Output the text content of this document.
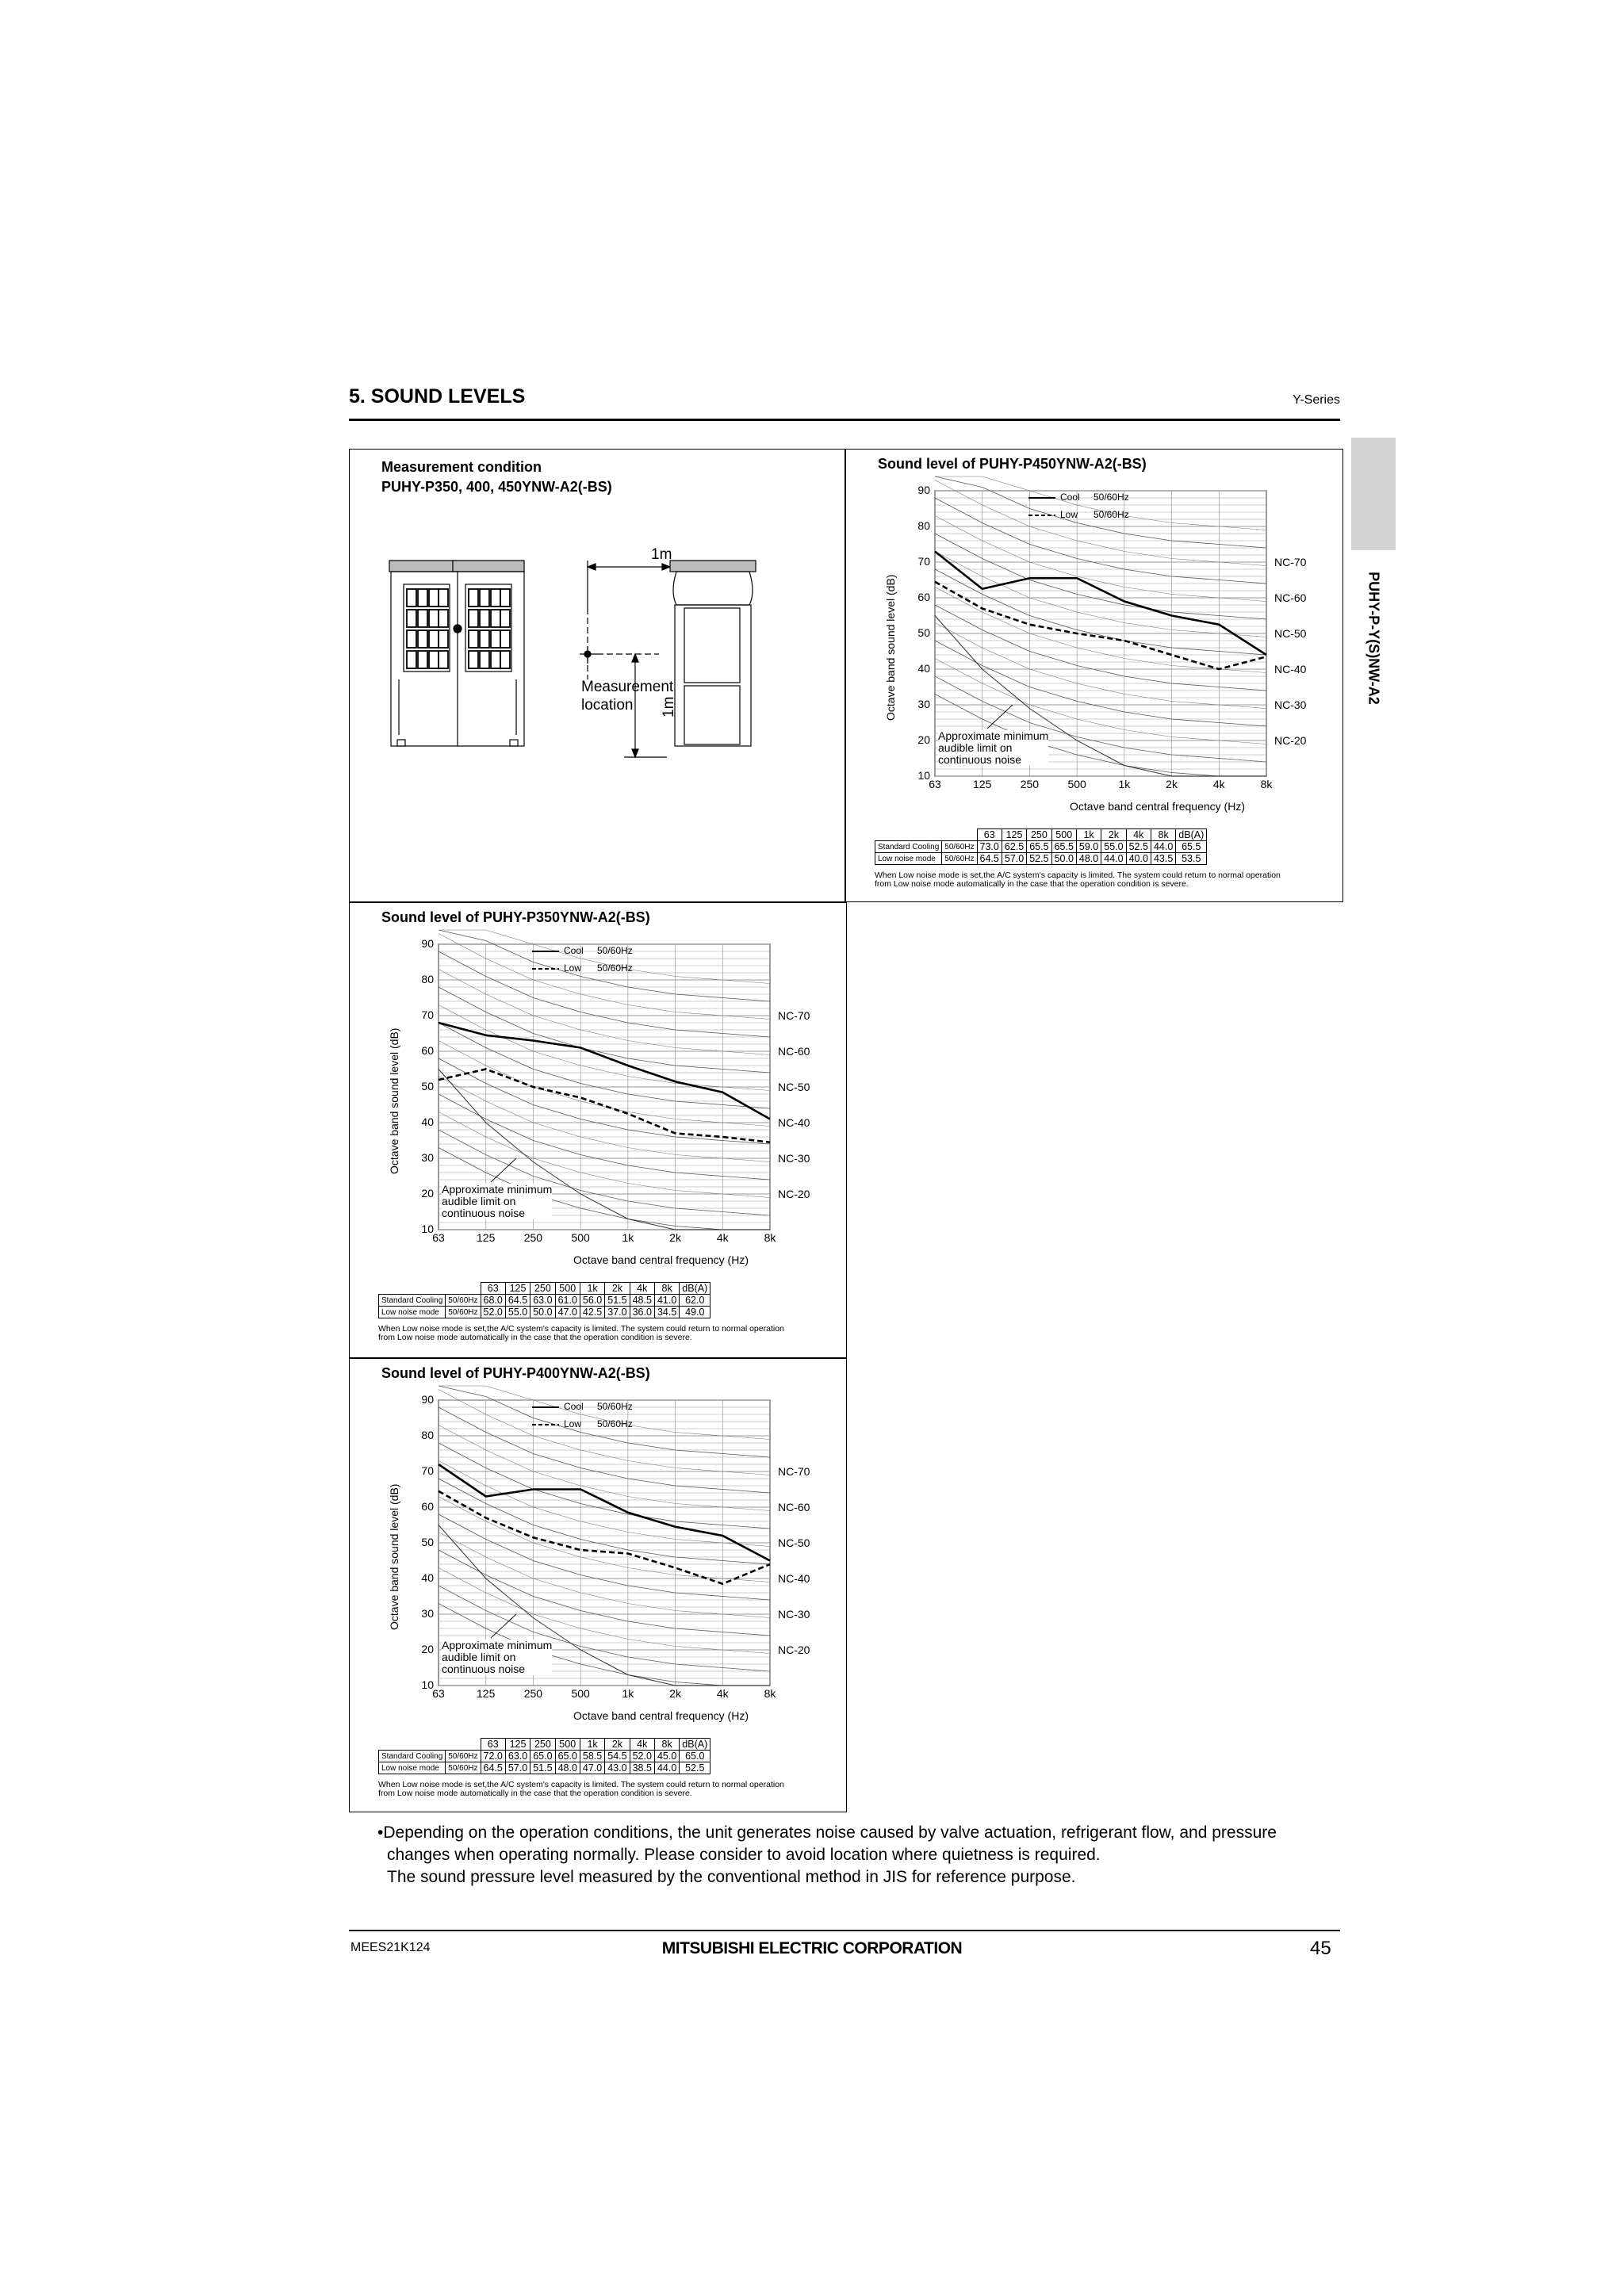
5. SOUND LEVELS	Y-Series
PUHY-P-Y(S)NW-A2
Measurement condition
PUHY-P350, 400, 450YNW-A2(-BS)
1m
1m
Measurement
location
Sound level of PUHY-P450YNW-A2(-BS)
90
80
70
60
50
40
30
20
10
63	125	250	500	1k	2k	4k	8k
Octave band sound level (dB)
Octave band central frequency (Hz)
NC-70
NC-60
NC-50
NC-40
NC-30
NC-20
Cool 50/60Hz
Low 50/60Hz
Approximate minimum
audible limit on
continuous noise
		63	125	250	500	1k	2k	4k	8k	dB(A)
Standard Cooling	50/60Hz	73.0	62.5	65.5	65.5	59.0	55.0	52.5	44.0	65.5
Low noise mode	50/60Hz	64.5	57.0	52.5	50.0	48.0	44.0	40.0	43.5	53.5
When Low noise mode is set,the A/C system's capacity is limited. The system could return to normal operation
from Low noise mode automatically in the case that the operation condition is severe.
Sound level of PUHY-P350YNW-A2(-BS)
90
80
70
60
50
40
30
20
10
63	125	250	500	1k	2k	4k	8k
Octave band sound level (dB)
Octave band central frequency (Hz)
NC-70
NC-60
NC-50
NC-40
NC-30
NC-20
Cool 50/60Hz
Low 50/60Hz
Approximate minimum
audible limit on
continuous noise
		63	125	250	500	1k	2k	4k	8k	dB(A)
Standard Cooling	50/60Hz	68.0	64.5	63.0	61.0	56.0	51.5	48.5	41.0	62.0
Low noise mode	50/60Hz	52.0	55.0	50.0	47.0	42.5	37.0	36.0	34.5	49.0
When Low noise mode is set,the A/C system's capacity is limited. The system could return to normal operation
from Low noise mode automatically in the case that the operation condition is severe.
Sound level of PUHY-P400YNW-A2(-BS)
90
80
70
60
50
40
30
20
10
63	125	250	500	1k	2k	4k	8k
Octave band sound level (dB)
Octave band central frequency (Hz)
NC-70
NC-60
NC-50
NC-40
NC-30
NC-20
Cool 50/60Hz
Low 50/60Hz
Approximate minimum
audible limit on
continuous noise
		63	125	250	500	1k	2k	4k	8k	dB(A)
Standard Cooling	50/60Hz	72.0	63.0	65.0	65.0	58.5	54.5	52.0	45.0	65.0
Low noise mode	50/60Hz	64.5	57.0	51.5	48.0	47.0	43.0	38.5	44.0	52.5
When Low noise mode is set,the A/C system's capacity is limited. The system could return to normal operation
from Low noise mode automatically in the case that the operation condition is severe.
•Depending on the operation conditions, the unit generates noise caused by valve actuation, refrigerant flow, and pressure
changes when operating normally. Please consider to avoid location where quietness is required.
The sound pressure level measured by the conventional method in JIS for reference purpose.
MEES21K124	MITSUBISHI ELECTRIC CORPORATION	45
